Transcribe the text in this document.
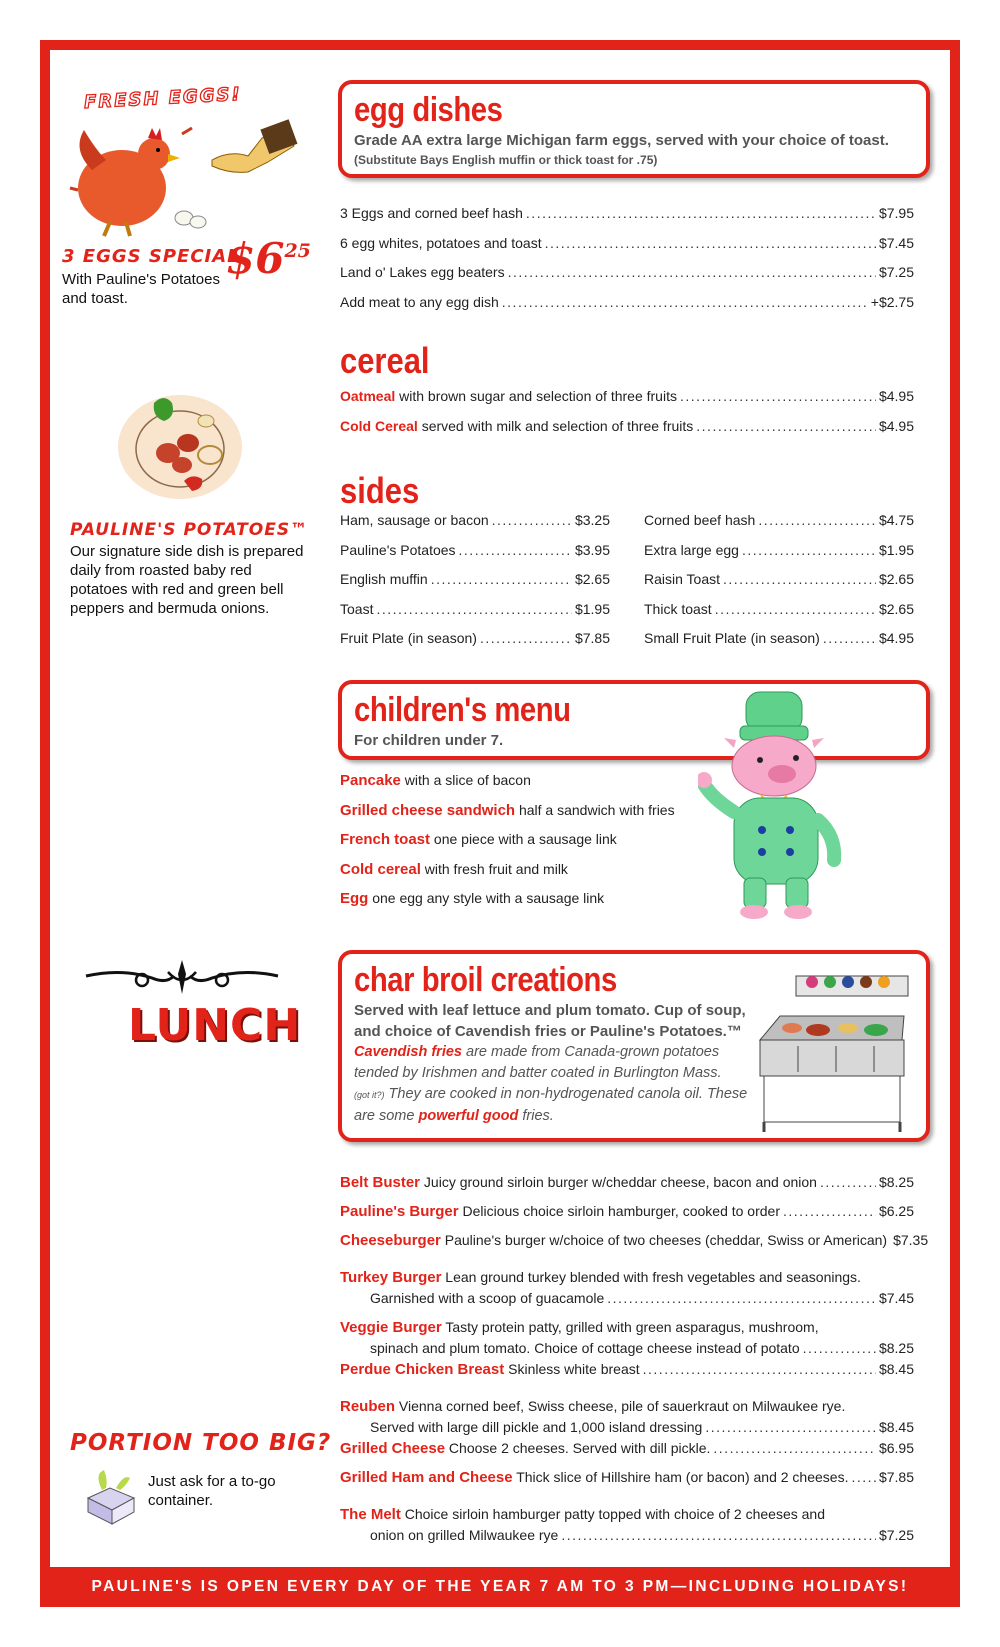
PAULINE'S IS OPEN EVERY DAY OF THE YEAR 7 AM TO 3 PM—INCLUDING HOLIDAYS!
FRESH EGGS!
3 EGGS SPECIAL
$\$6^{25}$
With Pauline's Potatoes and toast.
PAULINE'S POTATOES™
Our signature side dish is prepared daily from roasted baby red potatoes with red and green bell peppers and bermuda onions.
LUNCH
PORTION TOO BIG?
Just ask for a to-go container.
egg dishes
Grade AA extra large Michigan farm eggs, served with your choice of toast.
(Substitute Bays English muffin or thick toast for .75)
3 Eggs and corned beef hash .....	$7.95
6 egg whites, potatoes and toast .....	$7.45
Land o' Lakes egg beaters .....	$7.25
Add meat to any egg dish .....	+$2.75
cereal
Oatmeal with brown sugar and selection of three fruits .....	$4.95
Cold Cereal served with milk and selection of three fruits .....	$4.95
sides
Ham, sausage or bacon .....	$3.25
Pauline's Potatoes .....	$3.95
English muffin .....	$2.65
Toast .....	$1.95
Fruit Plate (in season) .....	$7.85
Corned beef hash .....	$4.75
Extra large egg .....	$1.95
Raisin Toast .....	$2.65
Thick toast .....	$2.65
Small Fruit Plate (in season) .....	$4.95
children's menu
For children under 7.
Pancake with a slice of bacon
Grilled cheese sandwich half a sandwich with fries
French toast one piece with a sausage link
Cold cereal with fresh fruit and milk
Egg one egg any style with a sausage link
char broil creations
Served with leaf lettuce and plum tomato. Cup of soup,
and choice of Cavendish fries or Pauline's Potatoes.™
Cavendish fries are made from Canada-grown potatoes
tended by Irishmen and batter coated in Burlington Mass.
(got it?) They are cooked in non-hydrogenated canola oil. These
are some powerful good fries.
Belt Buster Juicy ground sirloin burger w/cheddar cheese, bacon and onion .....	$8.25
Pauline's Burger Delicious choice sirloin hamburger, cooked to order .....	$6.25
Cheeseburger Pauline's burger w/choice of two cheeses (cheddar, Swiss or American) $7.35
Turkey Burger Lean ground turkey blended with fresh vegetables and seasonings.
Garnished with a scoop of guacamole .....	$7.45
Veggie Burger Tasty protein patty, grilled with green asparagus, mushroom,
spinach and plum tomato. Choice of cottage cheese instead of potato .....	$8.25
Perdue Chicken Breast Skinless white breast .....	$8.45
Reuben Vienna corned beef, Swiss cheese, pile of sauerkraut on Milwaukee rye.
Served with large dill pickle and 1,000 island dressing .....	$8.45
Grilled Cheese Choose 2 cheeses. Served with dill pickle. .....	$6.95
Grilled Ham and Cheese Thick slice of Hillshire ham (or bacon) and 2 cheeses. ..... $7.85
The Melt Choice sirloin hamburger patty topped with choice of 2 cheeses and
onion on grilled Milwaukee rye .....	$7.25
